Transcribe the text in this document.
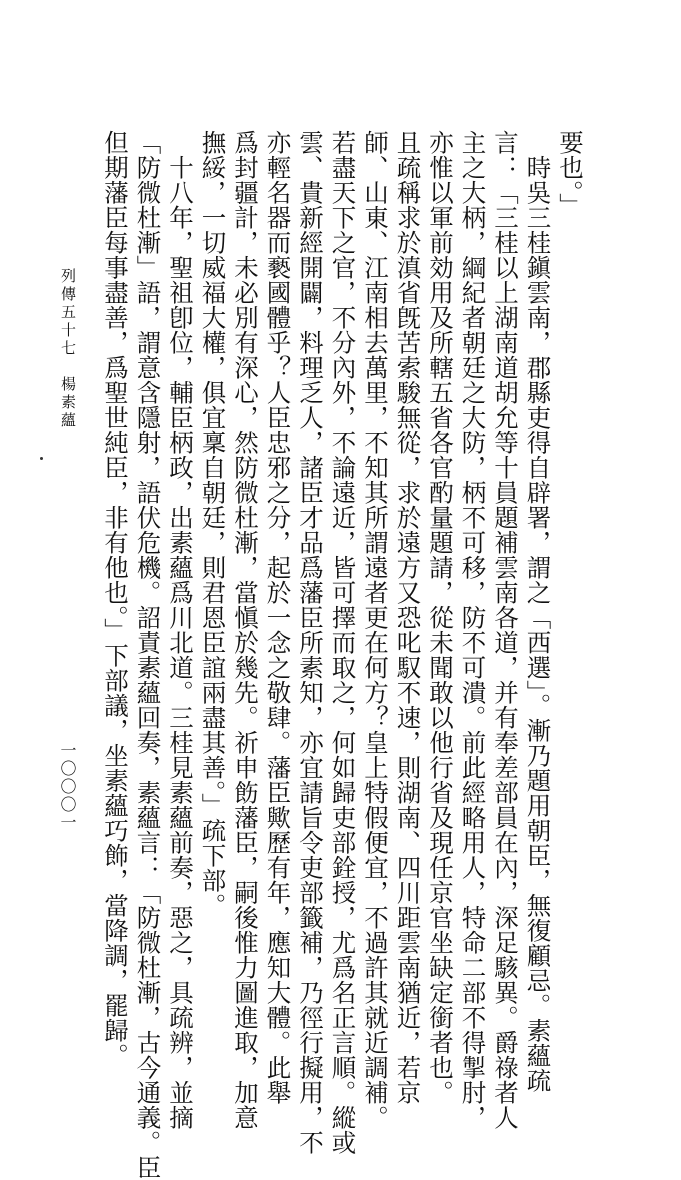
要也。」
　時吳三桂鎭雲南，郡縣吏得自辟署，謂之「西選」。漸乃題用朝臣，無復顧忌。素蘊疏
言：「三桂以上湖南道胡允等十員題補雲南各道，并有奉差部員在內，深足駭異。爵祿者人
主之大柄，綱紀者朝廷之大防，柄不可移，防不可潰。前此經略用人，特命二部不得掣肘，
亦惟以軍前効用及所轄五省各官酌量題請，從未聞敢以他行省及現任京官坐缺定銜者也。
且疏稱求於滇省旣苦索駿無從，求於遠方又恐叱馭不速，則湖南、四川距雲南猶近，若京
師、山東、江南相去萬里，不知其所謂遠者更在何方？皇上特假便宜，不過許其就近調補。
若盡天下之官，不分內外，不論遠近，皆可擇而取之，何如歸吏部銓授，尤爲名正言順。縱或
雲、貴新經開闢，料理乏人，諸臣才品爲藩臣所素知，亦宜請旨令吏部籤補，乃徑行擬用，不
亦輕名器而褻國體乎？人臣忠邪之分，起於一念之敬肆。藩臣歟歷有年，應知大體。此舉
爲封疆計，未必別有深心，然防微杜漸，當愼於幾先。祈申飭藩臣，嗣後惟力圖進取，加意
撫綏，一切威福大權，俱宜稟自朝廷，則君恩臣誼兩盡其善。」疏下部。
　十八年，聖祖卽位，輔臣柄政，出素蘊爲川北道。三桂見素蘊前奏，惡之，具疏辨，並摘
「防微杜漸」語，謂意含隱射，語伏危機。詔責素蘊回奏，素蘊言：「防微杜漸，古今通義。臣
但期藩臣每事盡善，爲聖世純臣，非有他也。」下部議，坐素蘊巧飾，當降調，罷歸。
列傳五十七　楊素蘊
一〇〇〇一
